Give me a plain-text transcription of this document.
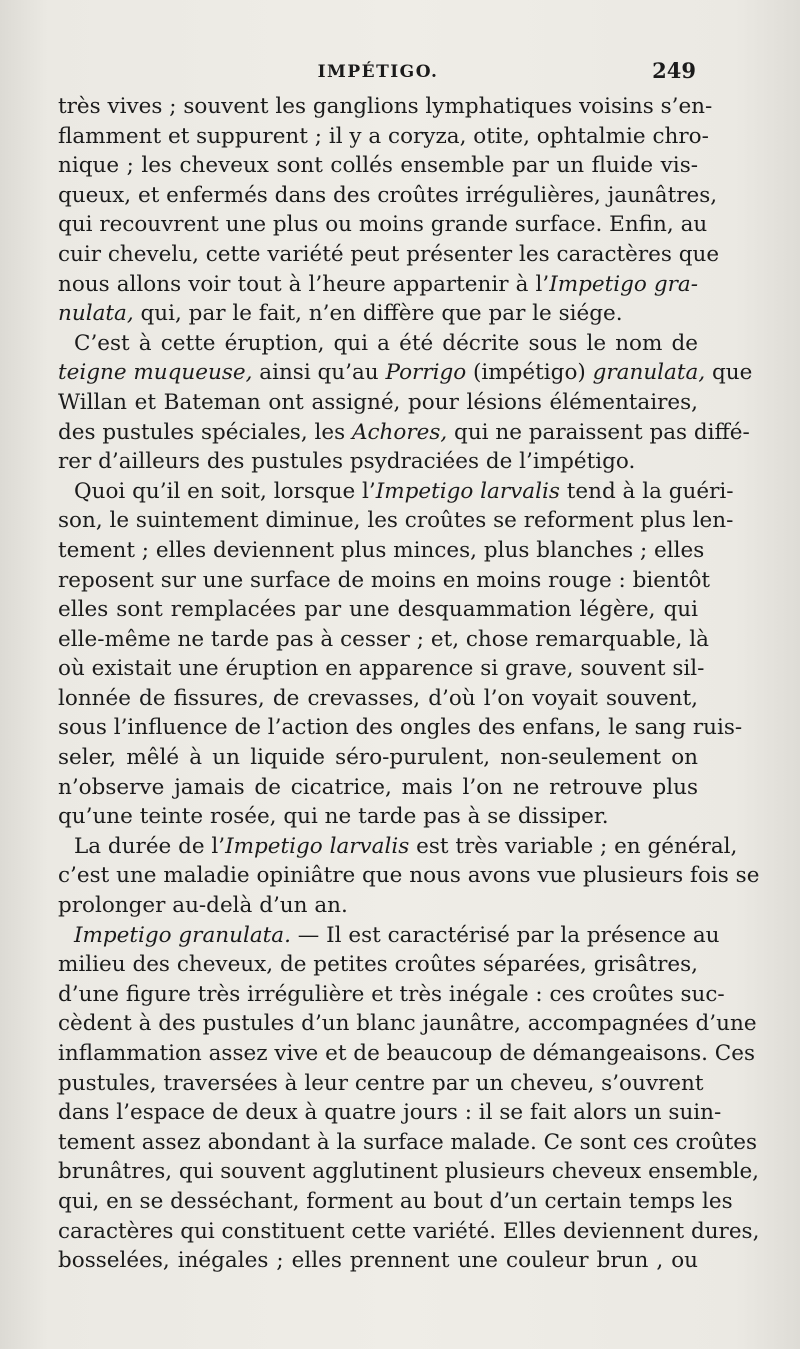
IMPÉTIGO.	249
très vives ; souvent les ganglions lymphatiques voisins s’en-
flamment et suppurent ; il y a coryza, otite, ophtalmie chro-
nique ; les cheveux sont collés ensemble par un fluide vis-
queux, et enfermés dans des croûtes irrégulières, jaunâtres,
qui recouvrent une plus ou moins grande surface. Enfin, au
cuir chevelu, cette variété peut présenter les caractères que
nous allons voir tout à l’heure appartenir à l’Impetigo gra-
nulata, qui, par le fait, n’en diffère que par le siége.
C’est à cette éruption, qui a été décrite sous le nom de
teigne muqueuse, ainsi qu’au Porrigo (impétigo) granulata, que
Willan et Bateman ont assigné, pour lésions élémentaires,
des pustules spéciales, les Achores, qui ne paraissent pas diffé-
rer d’ailleurs des pustules psydraciées de l’impétigo.
Quoi qu’il en soit, lorsque l’Impetigo larvalis tend à la guéri-
son, le suintement diminue, les croûtes se reforment plus len-
tement ; elles deviennent plus minces, plus blanches ; elles
reposent sur une surface de moins en moins rouge : bientôt
elles sont remplacées par une desquammation légère, qui
elle-même ne tarde pas à cesser ; et, chose remarquable, là
où existait une éruption en apparence si grave, souvent sil-
lonnée de fissures, de crevasses, d’où l’on voyait souvent,
sous l’influence de l’action des ongles des enfans, le sang ruis-
seler, mêlé à un liquide séro-purulent, non-seulement on
n’observe jamais de cicatrice, mais l’on ne retrouve plus
qu’une teinte rosée, qui ne tarde pas à se dissiper.
La durée de l’Impetigo larvalis est très variable ; en général,
c’est une maladie opiniâtre que nous avons vue plusieurs fois se
prolonger au-delà d’un an.
Impetigo granulata. — Il est caractérisé par la présence au
milieu des cheveux, de petites croûtes séparées, grisâtres,
d’une figure très irrégulière et très inégale : ces croûtes suc-
cèdent à des pustules d’un blanc jaunâtre, accompagnées d’une
inflammation assez vive et de beaucoup de démangeaisons. Ces
pustules, traversées à leur centre par un cheveu, s’ouvrent
dans l’espace de deux à quatre jours : il se fait alors un suin-
tement assez abondant à la surface malade. Ce sont ces croûtes
brunâtres, qui souvent agglutinent plusieurs cheveux ensemble,
qui, en se desséchant, forment au bout d’un certain temps les
caractères qui constituent cette variété. Elles deviennent dures,
bosselées, inégales ; elles prennent une couleur brun , ou
